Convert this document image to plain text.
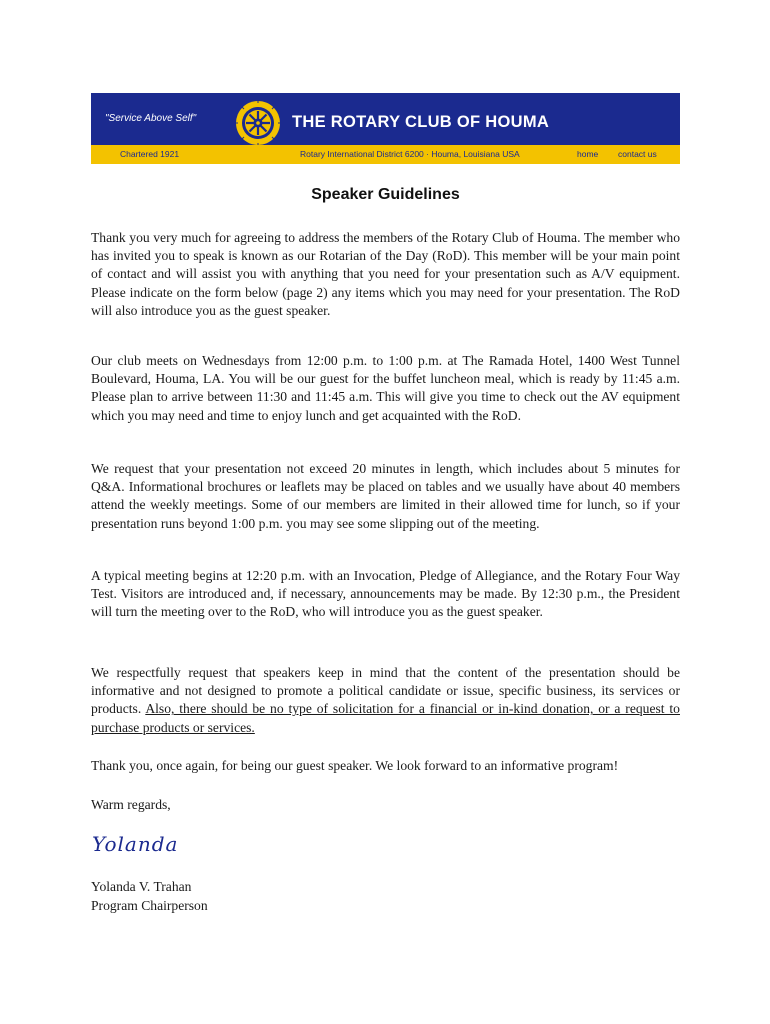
"Service Above Self"	THE ROTARY CLUB OF HOUMA
Chartered 1921	Rotary International District 6200 · Houma, Louisiana USA	home contact us
Speaker Guidelines

Thank you very much for agreeing to address the members of the Rotary Club of Houma. The member who has invited you to speak is known as our Rotarian of the Day (RoD). This member will be your main point of contact and will assist you with anything that you need for your presentation such as A/V equipment. Please indicate on the form below (page 2) any items which you may need for your presentation. The RoD will also introduce you as the guest speaker.

Our club meets on Wednesdays from 12:00 p.m. to 1:00 p.m. at The Ramada Hotel, 1400 West Tunnel Boulevard, Houma, LA. You will be our guest for the buffet luncheon meal, which is ready by 11:45 a.m. Please plan to arrive between 11:30 and 11:45 a.m. This will give you time to check out the AV equipment which you may need and time to enjoy lunch and get acquainted with the RoD.

We request that your presentation not exceed 20 minutes in length, which includes about 5 minutes for Q&A. Informational brochures or leaflets may be placed on tables and we usually have about 40 members attend the weekly meetings. Some of our members are limited in their allowed time for lunch, so if your presentation runs beyond 1:00 p.m. you may see some slipping out of the meeting.

A typical meeting begins at 12:20 p.m. with an Invocation, Pledge of Allegiance, and the Rotary Four Way Test. Visitors are introduced and, if necessary, announcements may be made. By 12:30 p.m., the President will turn the meeting over to the RoD, who will introduce you as the guest speaker.

We respectfully request that speakers keep in mind that the content of the presentation should be informative and not designed to promote a political candidate or issue, specific business, its services or products. Also, there should be no type of solicitation for a financial or in-kind donation, or a request to purchase products or services.

Thank you, once again, for being our guest speaker. We look forward to an informative program!

Warm regards,
Yolanda
Yolanda V. Trahan
Program Chairperson
